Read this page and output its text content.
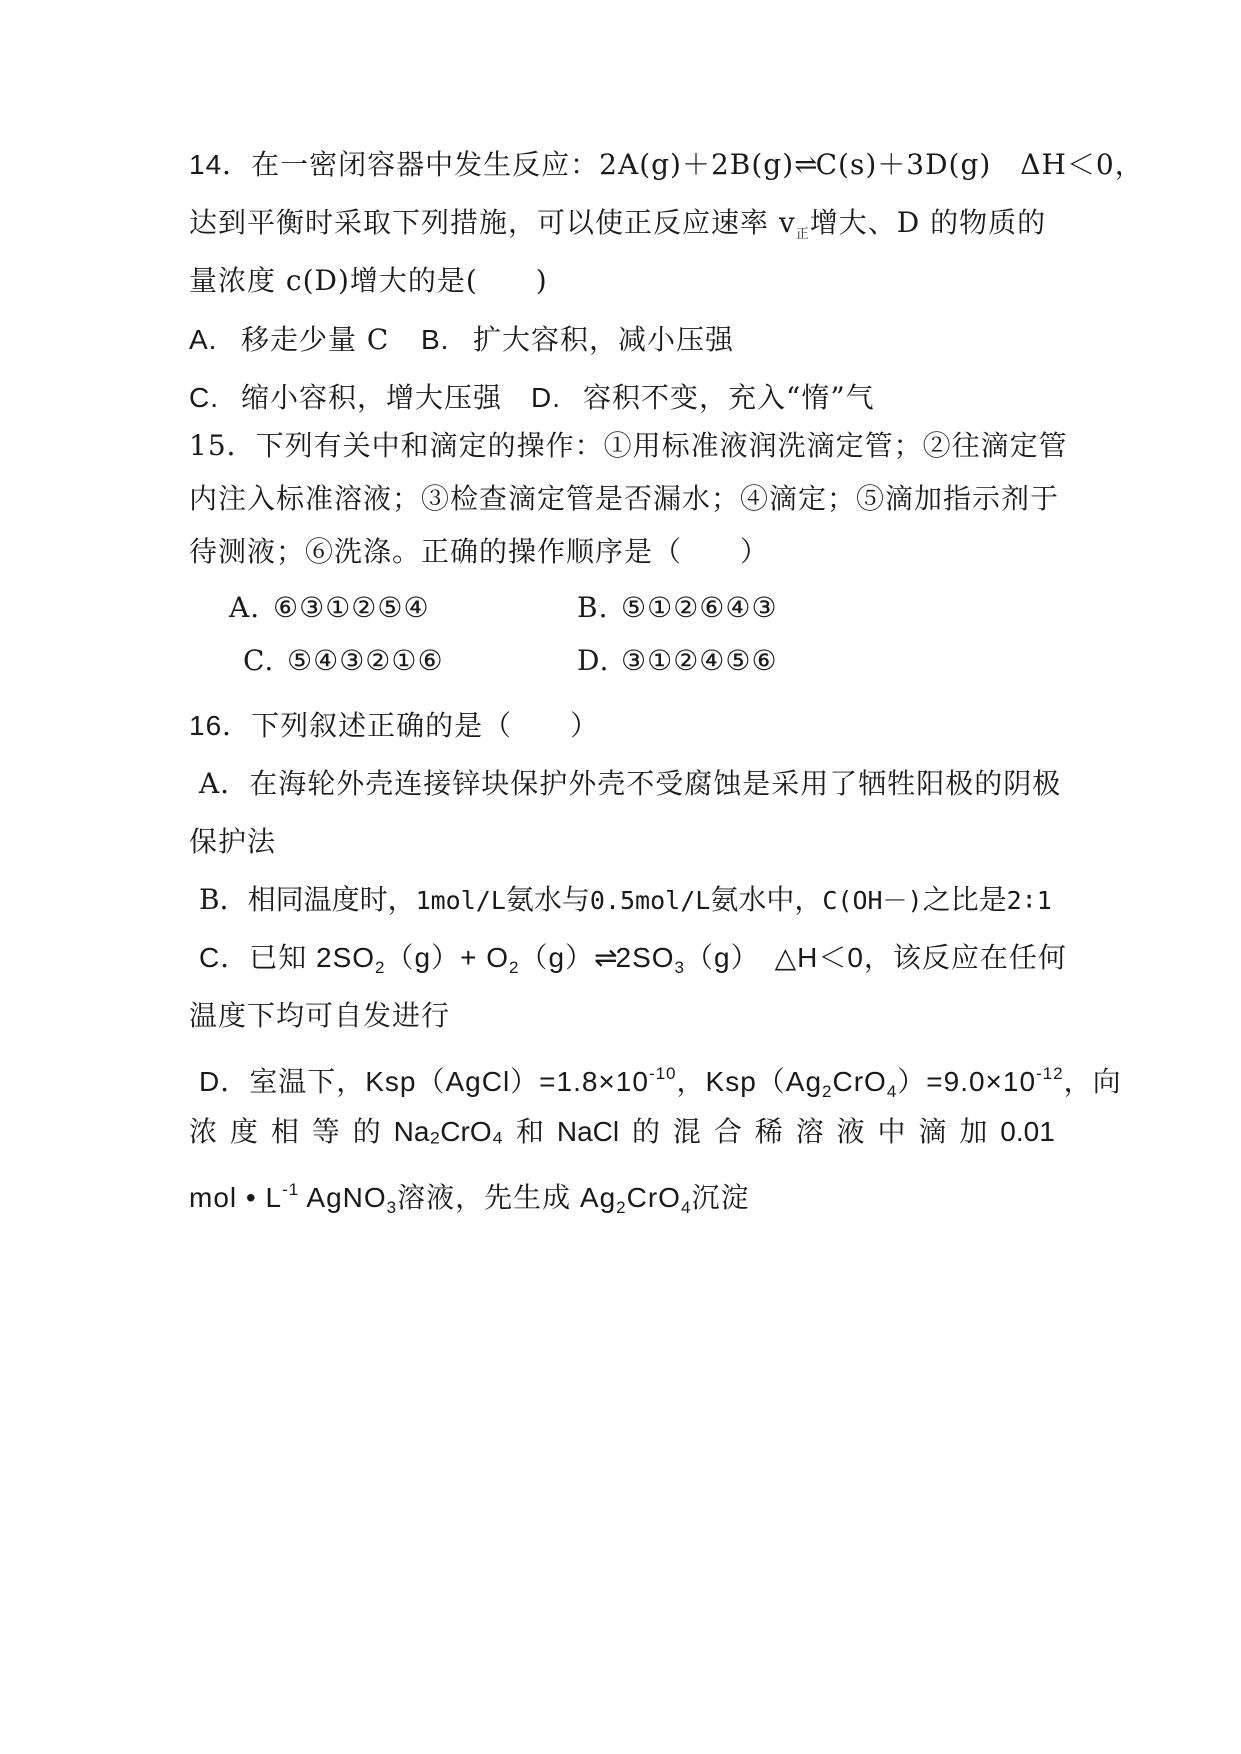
14．在一密闭容器中发生反应：2A(g)＋2B(g)⇌C(s)＋3D(g)　ΔH＜0，
达到平衡时采取下列措施，可以使正反应速率 $v_正$增大、D 的物质的
量浓度 c(D)增大的是(　　)
A. 移走少量 C B. 扩大容积，减小压强
C. 缩小容积，增大压强 D. 容积不变，充入“惰”气
15．下列有关中和滴定的操作：①用标准液润洗滴定管；②往滴定管
内注入标准溶液；③检查滴定管是否漏水；④滴定；⑤滴加指示剂于
待测液；⑥洗涤。正确的操作顺序是（　　）
A. ⑥③①②⑤④	B. ⑤①②⑥④③
C. ⑤④③②①⑥	D. ③①②④⑤⑥
16．下列叙述正确的是（　　）
A．在海轮外壳连接锌块保护外壳不受腐蚀是采用了牺牲阳极的阴极
保护法
B．相同温度时，1mol/L氨水与0.5mol/L氨水中，C(OH－)之比是2∶1
C．已知 $2SO_2(g)+$ $O_2(g)\rightleftharpoons 2SO_3(g)$　△H＜0，该反应在任何
温度下均可自发进行
D．室温下，$Ksp(AgCl)=1.8\times 10^{-10}$，$Ksp(Ag_2CrO_4)=9.0\times 10^{-12}$，向
浓 度 相 等 的 Na₂CrO₄ 和 NaCl 的 混 合 稀 溶 液 中 滴 加 0.01
mol • $L^{-1}$ AgNO$_3$溶液，先生成 $Ag_2CrO_4$沉淀
